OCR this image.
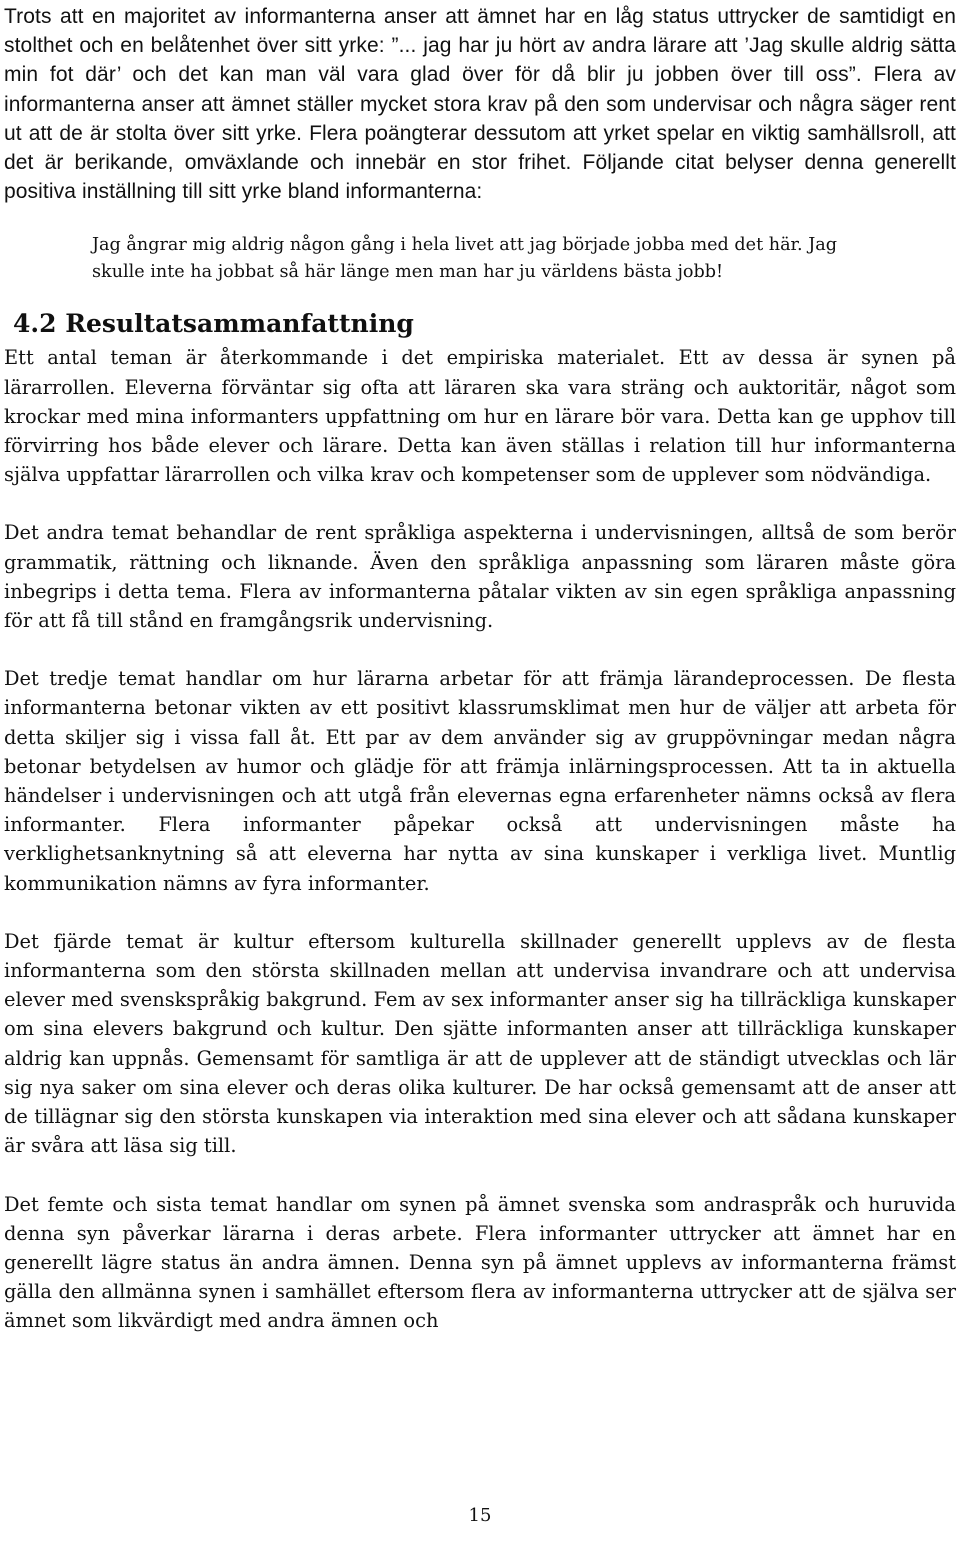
Trots att en majoritet av informanterna anser att ämnet har en låg status uttrycker de samtidigt en stolthet och en belåtenhet över sitt yrke: ”... jag har ju hört av andra lärare att ’Jag skulle aldrig sätta min fot där’ och det kan man väl vara glad över för då blir ju jobben över till oss”. Flera av informanterna anser att ämnet ställer mycket stora krav på den som undervisar och några säger rent ut att de är stolta över sitt yrke. Flera poängterar dessutom att yrket spelar en viktig samhällsroll, att det är berikande, omväxlande och innebär en stor frihet. Följande citat belyser denna generellt positiva inställning till sitt yrke bland informanterna:

Jag ångrar mig aldrig någon gång i hela livet att jag började jobba med det här. Jag skulle inte ha jobbat så här länge men man har ju världens bästa jobb!

4.2 Resultatsammanfattning

Ett antal teman är återkommande i det empiriska materialet. Ett av dessa är synen på lärarrollen. Eleverna förväntar sig ofta att läraren ska vara sträng och auktoritär, något som krockar med mina informanters uppfattning om hur en lärare bör vara. Detta kan ge upphov till förvirring hos både elever och lärare. Detta kan även ställas i relation till hur informanterna själva uppfattar lärarrollen och vilka krav och kompetenser som de upplever som nödvändiga.

Det andra temat behandlar de rent språkliga aspekterna i undervisningen, alltså de som berör grammatik, rättning och liknande. Även den språkliga anpassning som läraren måste göra inbegrips i detta tema. Flera av informanterna påtalar vikten av sin egen språkliga anpassning för att få till stånd en framgångsrik undervisning.

Det tredje temat handlar om hur lärarna arbetar för att främja lärandeprocessen. De flesta informanterna betonar vikten av ett positivt klassrumsklimat men hur de väljer att arbeta för detta skiljer sig i vissa fall åt. Ett par av dem använder sig av gruppövningar medan några betonar betydelsen av humor och glädje för att främja inlärningsprocessen. Att ta in aktuella händelser i undervisningen och att utgå från elevernas egna erfarenheter nämns också av flera informanter. Flera informanter påpekar också att undervisningen måste ha verklighetsanknytning så att eleverna har nytta av sina kunskaper i verkliga livet. Muntlig kommunikation nämns av fyra informanter.

Det fjärde temat är kultur eftersom kulturella skillnader generellt upplevs av de flesta informanterna som den största skillnaden mellan att undervisa invandrare och att undervisa elever med svenskspråkig bakgrund. Fem av sex informanter anser sig ha tillräckliga kunskaper om sina elevers bakgrund och kultur. Den sjätte informanten anser att tillräckliga kunskaper aldrig kan uppnås. Gemensamt för samtliga är att de upplever att de ständigt utvecklas och lär sig nya saker om sina elever och deras olika kulturer. De har också gemensamt att de anser att de tillägnar sig den största kunskapen via interaktion med sina elever och att sådana kunskaper är svåra att läsa sig till.

Det femte och sista temat handlar om synen på ämnet svenska som andraspråk och huruvida denna syn påverkar lärarna i deras arbete. Flera informanter uttrycker att ämnet har en generellt lägre status än andra ämnen. Denna syn på ämnet upplevs av informanterna främst gälla den allmänna synen i samhället eftersom flera av informanterna uttrycker att de själva ser ämnet som likvärdigt med andra ämnen och

15
